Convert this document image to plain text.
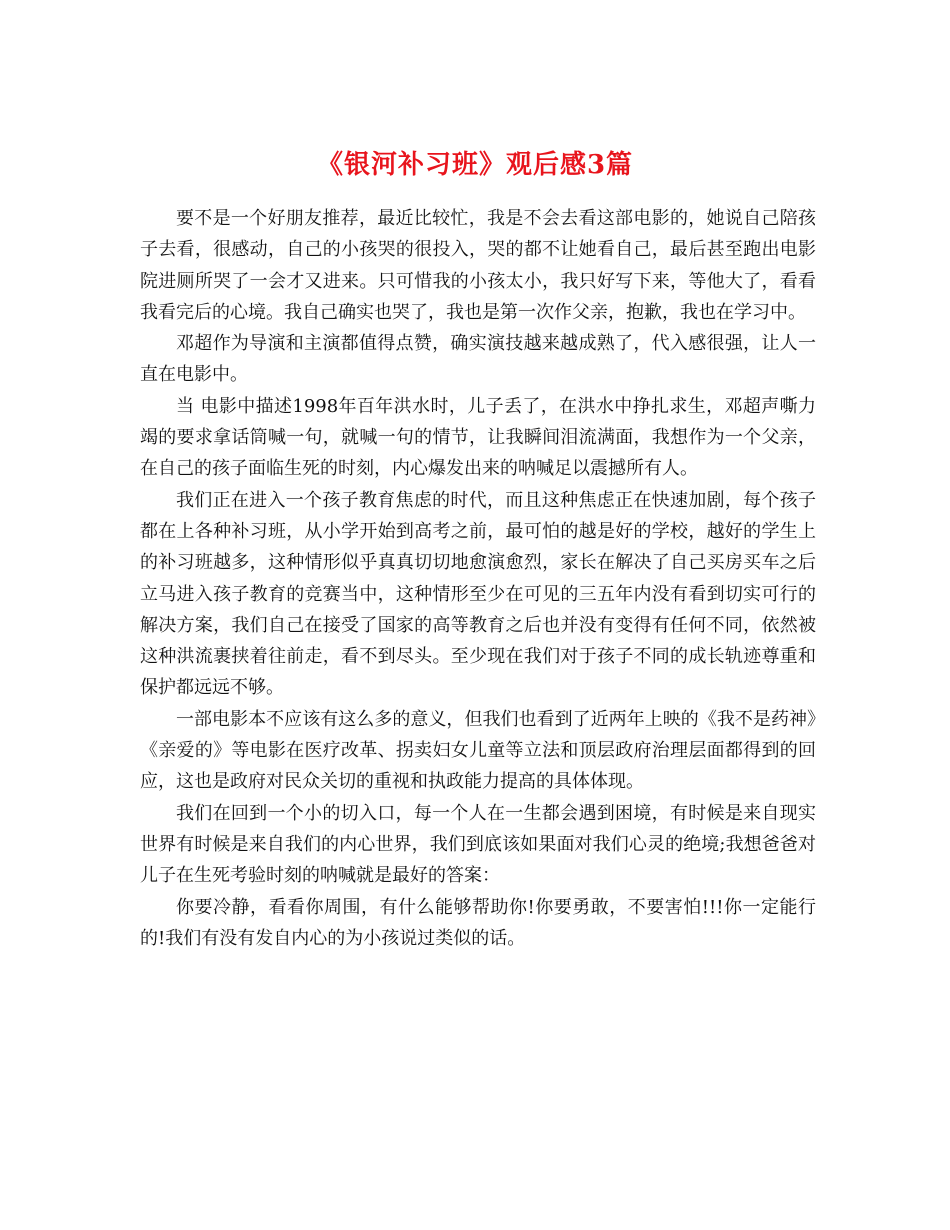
《银河补习班》观后感3篇

要不是一个好朋友推荐，最近比较忙，我是不会去看这部电影的，她说自己陪孩子去看，很感动，自己的小孩哭的很投入，哭的都不让她看自己，最后甚至跑出电影院进厕所哭了一会才又进来。只可惜我的小孩太小，我只好写下来，等他大了，看看我看完后的心境。我自己确实也哭了，我也是第一次作父亲，抱歉，我也在学习中。

邓超作为导演和主演都值得点赞，确实演技越来越成熟了，代入感很强，让人一直在电影中。

当 电影中描述1998年百年洪水时，儿子丢了，在洪水中挣扎求生，邓超声嘶力竭的要求拿话筒喊一句，就喊一句的情节，让我瞬间泪流满面，我想作为一个父亲，在自己的孩子面临生死的时刻，内心爆发出来的呐喊足以震撼所有人。

我们正在进入一个孩子教育焦虑的时代，而且这种焦虑正在快速加剧，每个孩子都在上各种补习班，从小学开始到高考之前，最可怕的越是好的学校，越好的学生上的补习班越多，这种情形似乎真真切切地愈演愈烈，家长在解决了自己买房买车之后立马进入孩子教育的竞赛当中，这种情形至少在可见的三五年内没有看到切实可行的解决方案，我们自己在接受了国家的高等教育之后也并没有变得有任何不同，依然被这种洪流裹挟着往前走，看不到尽头。至少现在我们对于孩子不同的成长轨迹尊重和保护都远远不够。

一部电影本不应该有这么多的意义，但我们也看到了近两年上映的《我不是药神》《亲爱的》等电影在医疗改革、拐卖妇女儿童等立法和顶层政府治理层面都得到的回应，这也是政府对民众关切的重视和执政能力提高的具体体现。

我们在回到一个小的切入口，每一个人在一生都会遇到困境，有时候是来自现实世界有时候是来自我们的内心世界，我们到底该如果面对我们心灵的绝境;我想爸爸对儿子在生死考验时刻的呐喊就是最好的答案：

你要冷静，看看你周围，有什么能够帮助你!你要勇敢，不要害怕!!!你一定能行的!我们有没有发自内心的为小孩说过类似的话。
